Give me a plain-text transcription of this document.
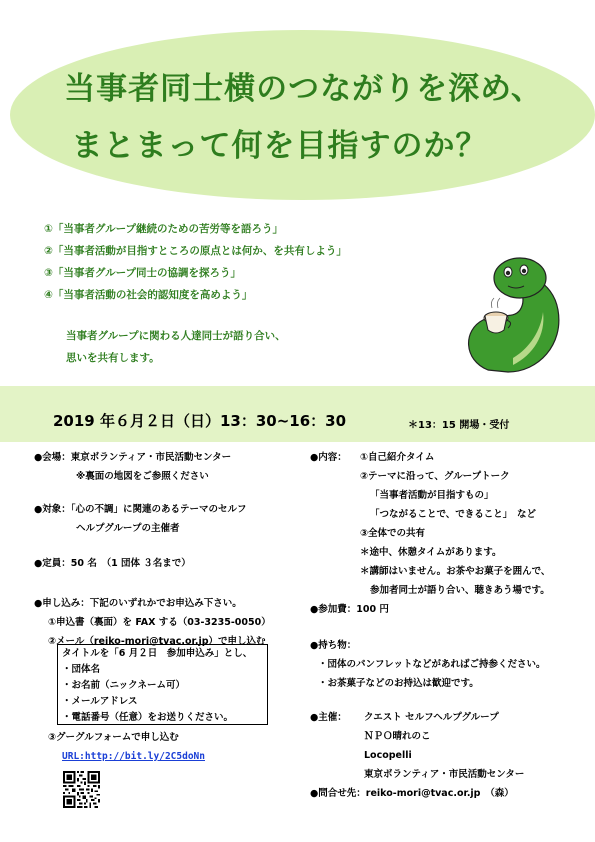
当事者同士横のつながりを深め、
まとまって何を目指すのか？
①「当事者グループ継続のための苦労等を語ろう」
②「当事者活動が目指すところの原点とは何か、を共有しよう」
③「当事者グループ同士の協調を探ろう」
④「当事者活動の社会的認知度を高めよう」
当事者グループに関わる人達同士が語り合い、
思いを共有します。
2019 年６月２日（日）13：30~16：30	＊13：15 開場・受付
●会場：東京ボランティア・市民活動センター
※裏面の地図をご参照ください
●対象：「心の不調」に関連のあるテーマのセルフ
ヘルプグループの主催者
●定員：50 名　（1 団体 ３名まで）
●申し込み：下記のいずれかでお申込み下さい。
①申込書（裏面）を FAX する（03-3235-0050）
②メール（reiko-mori@tvac.or.jp）で申し込む
タイトルを「6 月２日　参加申込み」とし、
・団体名
・お名前（ニックネーム可）
・メールアドレス
・電話番号（任意）をお送りください。
③グーグルフォームで申し込む
URL:http://bit.ly/2C5doNn
●内容：	①自己紹介タイム
②テーマに沿って、グループトーク
「当事者活動が目指すもの」
「つながることで、できること」　など
③全体での共有
＊途中、休憩タイムがあります。
＊講師はいません。お茶やお菓子を囲んで、
参加者同士が語り合い、聴きあう場です。
●参加費：100 円
●持ち物：
・団体のパンフレットなどがあればご持参ください。
・お茶菓子などのお持込は歓迎です。
●主催：	クエスト セルフヘルプグループ
ＮＰＯ晴れのこ
Locopelli
東京ボランティア・市民活動センター
●問合せ先：reiko-mori@tvac.or.jp　（森）
